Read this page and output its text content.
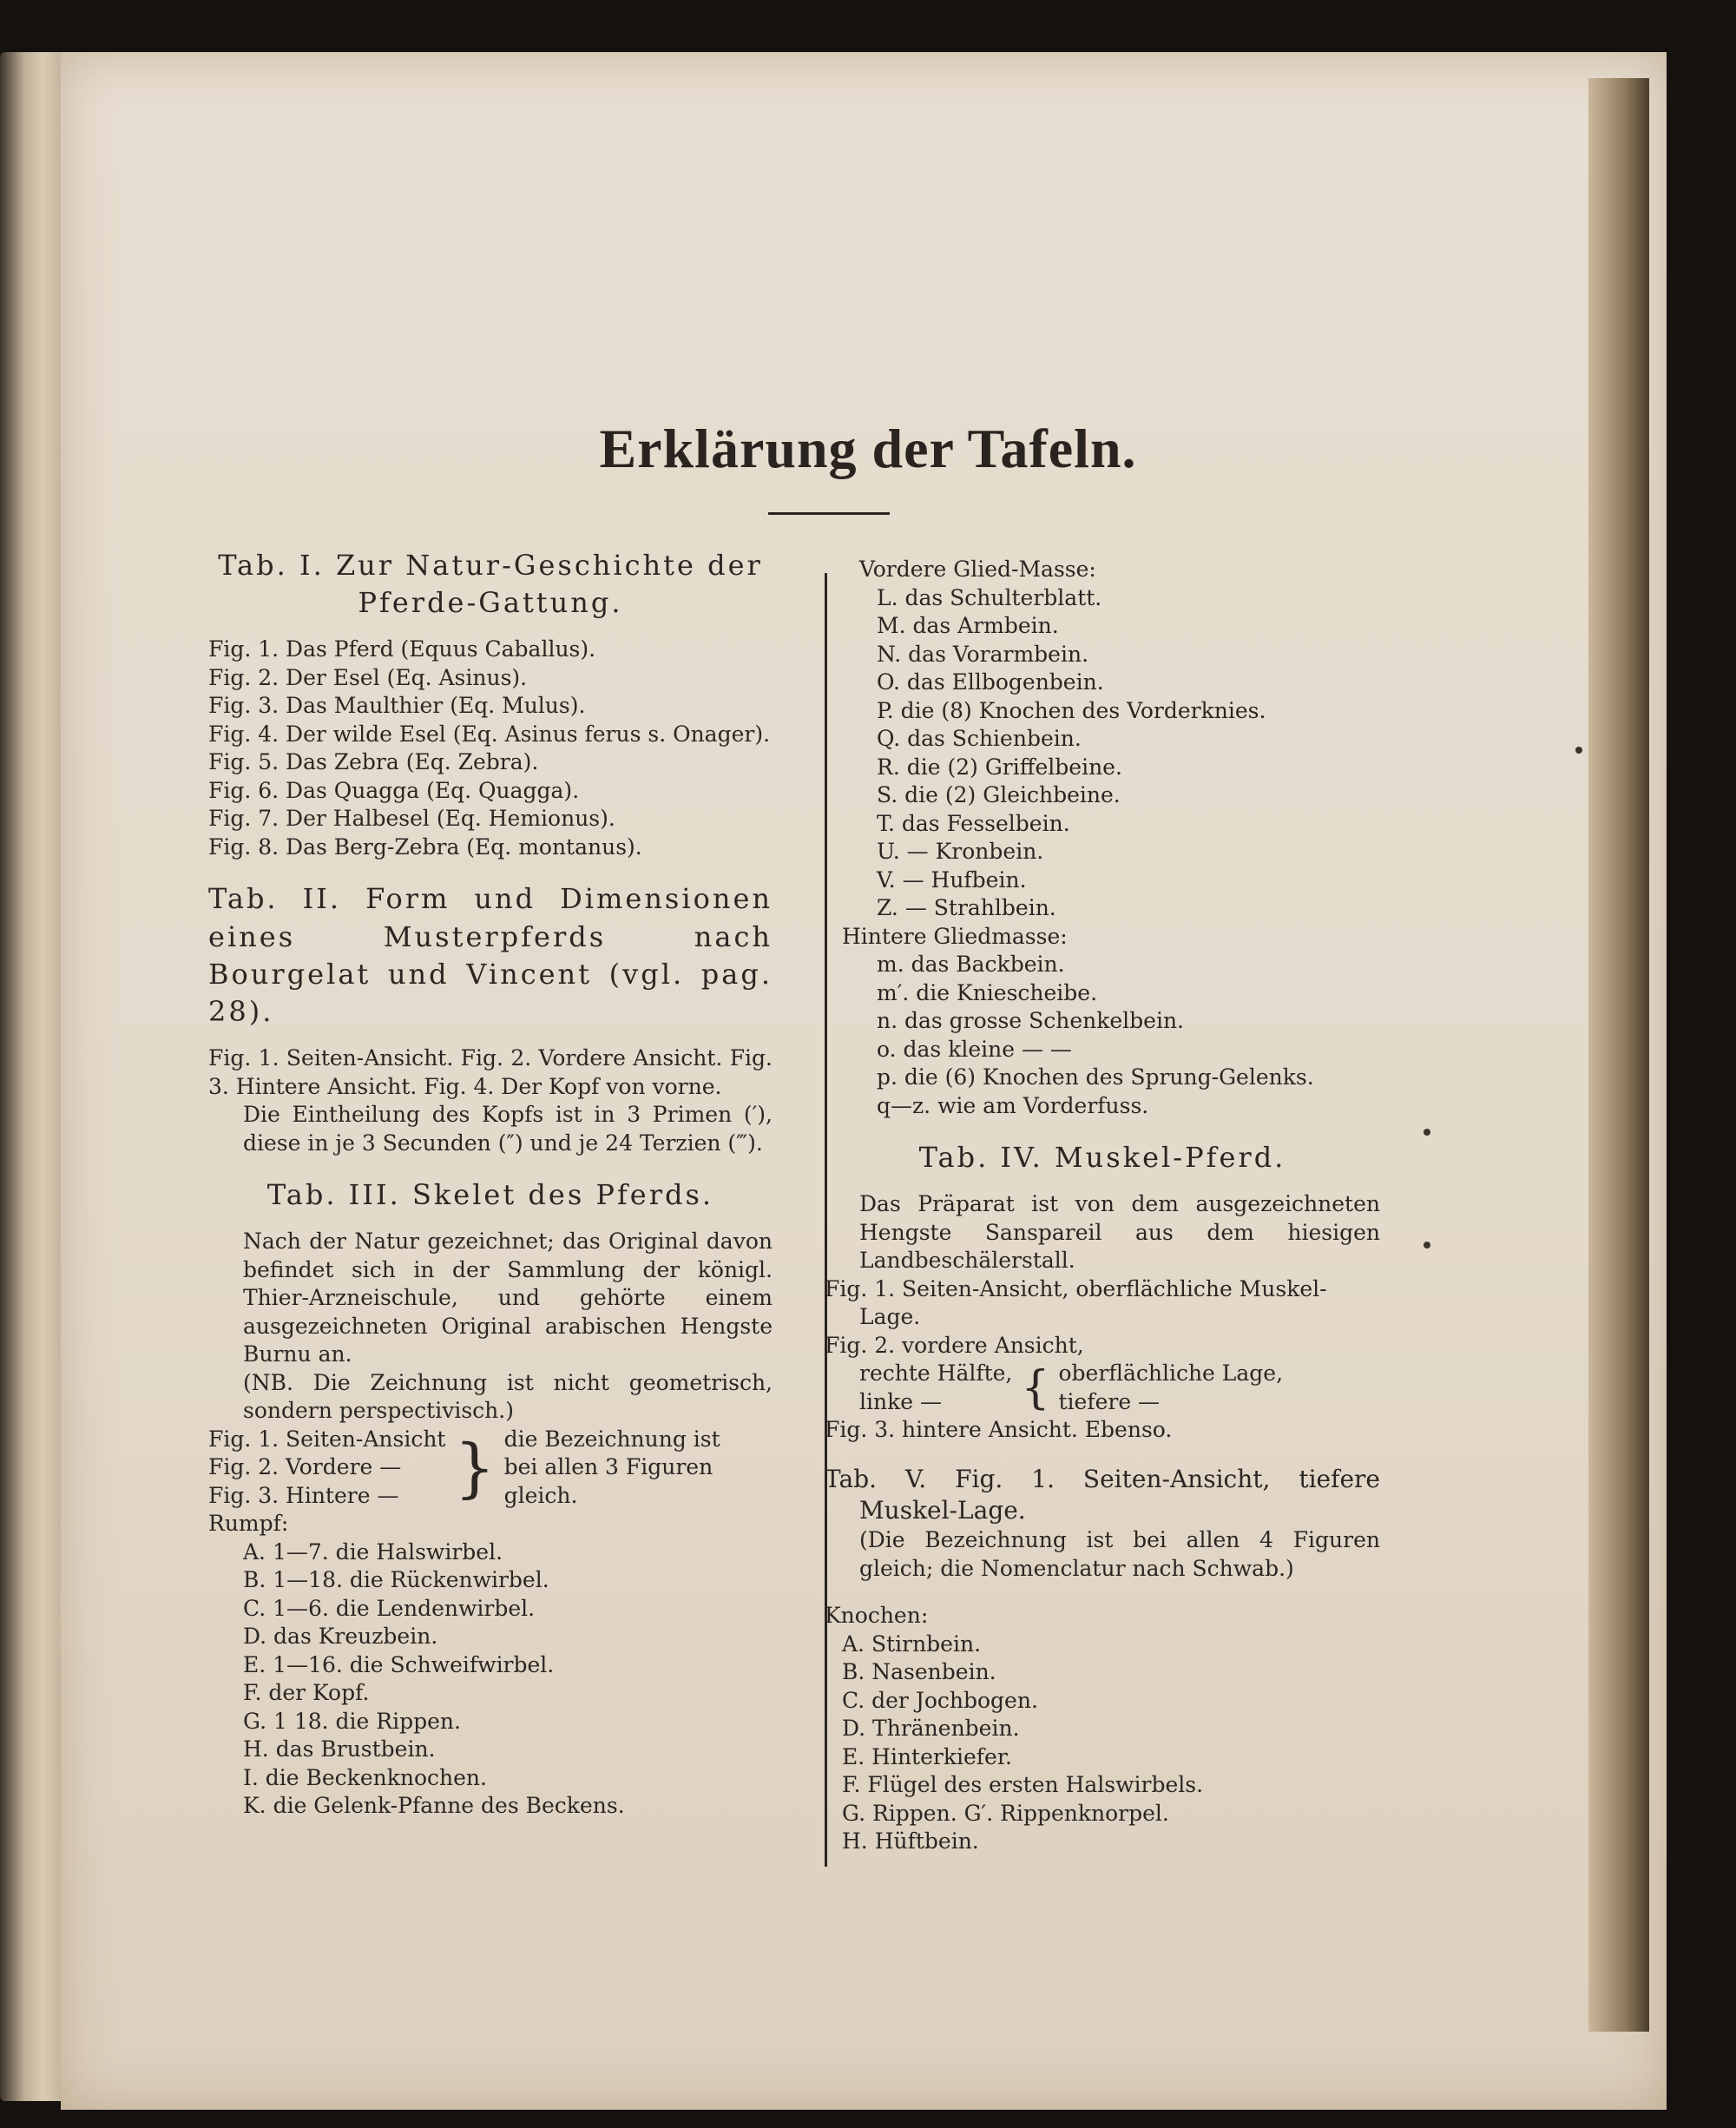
Erklärung der Tafeln.
Tab. I. Zur Natur-Geschichte der Pferde-Gattung.
Fig. 1. Das Pferd (Equus Caballus).
Fig. 2. Der Esel (Eq. Asinus).
Fig. 3. Das Maulthier (Eq. Mulus).
Fig. 4. Der wilde Esel (Eq. Asinus ferus s. Onager).
Fig. 5. Das Zebra (Eq. Zebra).
Fig. 6. Das Quagga (Eq. Quagga).
Fig. 7. Der Halbesel (Eq. Hemionus).
Fig. 8. Das Berg-Zebra (Eq. montanus).
Tab. II. Form und Dimensionen eines Musterpferds nach Bourgelat und Vincent (vgl. pag. 28).
Fig. 1. Seiten-Ansicht. Fig. 2. Vordere Ansicht. Fig. 3. Hintere Ansicht. Fig. 4. Der Kopf von vorne.
Die Eintheilung des Kopfs ist in 3 Primen (′), diese in je 3 Secunden (″) und je 24 Terzien (‴).
Tab. III. Skelet des Pferds.
Nach der Natur gezeichnet; das Original davon befindet sich in der Sammlung der königl. Thier-Arzneischule, und gehörte einem ausgezeichneten Original arabischen Hengste Burnu an.
(NB. Die Zeichnung ist nicht geometrisch, sondern perspectivisch.)
Fig. 1. Seiten-Ansicht
Fig. 2. Vordere —
Fig. 3. Hintere — } die Bezeichnung ist
bei allen 3 Figuren
gleich.
Rumpf:
A. 1—7. die Halswirbel.
B. 1—18. die Rückenwirbel.
C. 1—6. die Lendenwirbel.
D. das Kreuzbein.
E. 1—16. die Schweifwirbel.
F. der Kopf.
G. 1 18. die Rippen.
H. das Brustbein.
I. die Beckenknochen.
K. die Gelenk-Pfanne des Beckens.
Vordere Glied-Masse:
L. das Schulterblatt.
M. das Armbein.
N. das Vorarmbein.
O. das Ellbogenbein.
P. die (8) Knochen des Vorderknies.
Q. das Schienbein.
R. die (2) Griffelbeine.
S. die (2) Gleichbeine.
T. das Fesselbein.
U. — Kronbein.
V. — Hufbein.
Z. — Strahlbein.
Hintere Gliedmasse:
m. das Backbein.
m′. die Kniescheibe.
n. das grosse Schenkelbein.
o. das kleine — —
p. die (6) Knochen des Sprung-Gelenks.
q—z. wie am Vorderfuss.
Tab. IV. Muskel-Pferd.
Das Präparat ist von dem ausgezeichneten Hengste Sanspareil aus dem hiesigen Landbeschälerstall.
Fig. 1. Seiten-Ansicht, oberflächliche Muskel-Lage.
Fig. 2. vordere Ansicht,
rechte Hälfte,
linke —	{ oberflächliche Lage,
tiefere —
Fig. 3. hintere Ansicht. Ebenso.
Tab. V. Fig. 1. Seiten-Ansicht, tiefere Muskel-Lage.
(Die Bezeichnung ist bei allen 4 Figuren gleich; die Nomenclatur nach Schwab.)
Knochen:
A. Stirnbein.
B. Nasenbein.
C. der Jochbogen.
D. Thränenbein.
E. Hinterkiefer.
F. Flügel des ersten Halswirbels.
G. Rippen. G′. Rippenknorpel.
H. Hüftbein.
